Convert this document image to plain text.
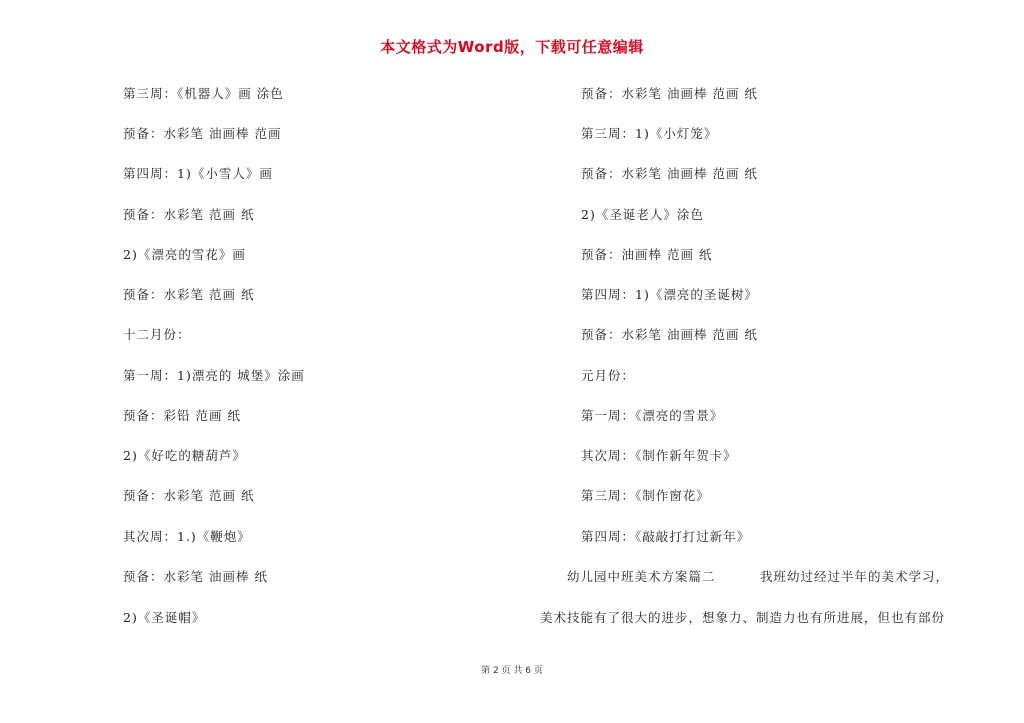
本文格式为Word版，下载可任意编辑
第三周：《机器人》画 涂色
预备：水彩笔 油画棒 范画
第四周：1)《小雪人》画
预备：水彩笔 范画 纸
2)《漂亮的雪花》画
预备：水彩笔 范画 纸
十二月份：
第一周：1)漂亮的 城堡》涂画
预备：彩铅 范画 纸
2)《好吃的糖葫芦》
预备：水彩笔 范画 纸
其次周：1.)《鞭炮》
预备：水彩笔 油画棒 纸
2)《圣诞帽》
预备：水彩笔 油画棒 范画 纸
第三周：1)《小灯笼》
预备：水彩笔 油画棒 范画 纸
2)《圣诞老人》涂色
预备：油画棒 范画 纸
第四周：1)《漂亮的圣诞树》
预备：水彩笔 油画棒 范画 纸
元月份：
第一周：《漂亮的雪景》
其次周：《制作新年贺卡》
第三周：《制作窗花》
第四周：《敲敲打打过新年》
幼儿园中班美术方案篇二	我班幼过经过半年的美术学习，
美术技能有了很大的进步，想象力、制造力也有所进展，但也有部份
第 2 页 共 6 页
